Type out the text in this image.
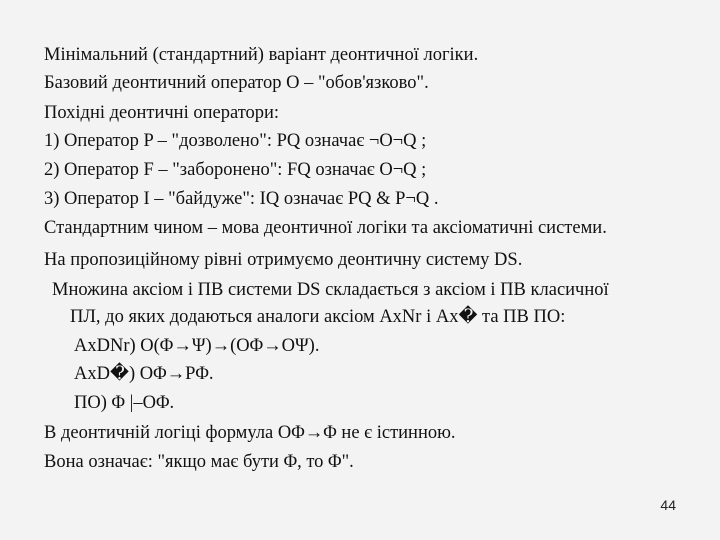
Мінімальний (стандартний) варіант деонтичної логіки.
Базовий деонтичний оператор O – "обов'язково".
Похідні деонтичні оператори:
1) Оператор P – "дозволено": PQ означає ¬O¬Q ;
2) Оператор F – "заборонено": FQ означає O¬Q ;
3) Оператор I – "байдуже": IQ означає PQ & P¬Q .
Стандартним чином – мова деонтичної логіки та аксіоматичні системи.
На пропозиційному рівні отримуємо деонтичну систему DS.
Множина аксіом і ПВ системи DS складається з аксіом і ПВ класичної
ПЛ, до яких додаються аналоги аксіом AxNr і Ax� та ПВ ПO:
AxDNr) O(Φ→Ψ)→(OΦ→OΨ).
AxD�) OΦ→PΦ.
ПO) Φ |–OΦ.
В деонтичній логіці формула OΦ→Φ не є істинною.
Вона означає: "якщо має бути Φ, то Φ".
44
